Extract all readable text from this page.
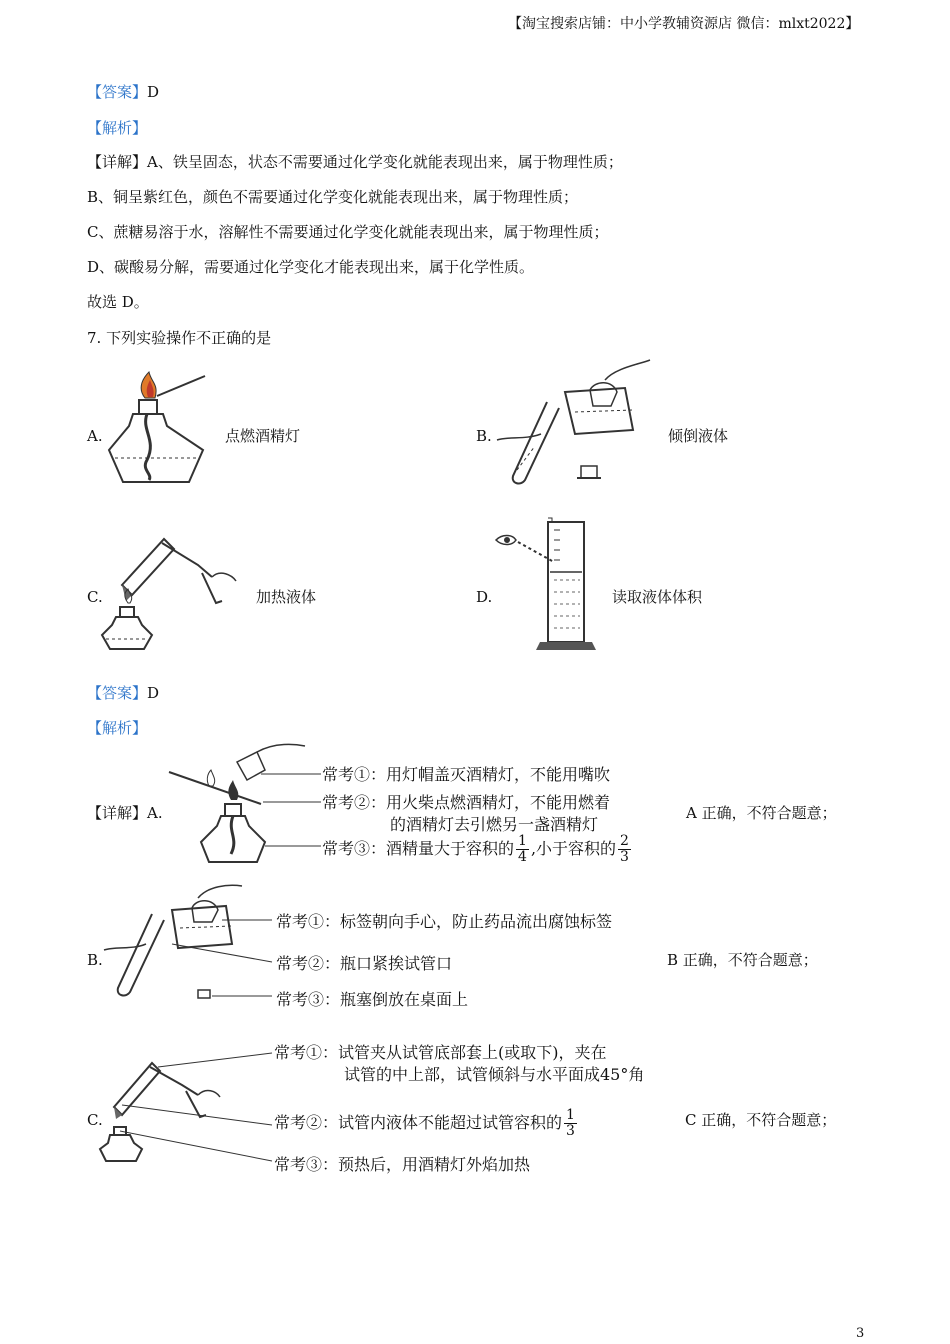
【淘宝搜索店铺：中小学教辅资源店 微信：mlxt2022】
【答案】D
【解析】
【详解】A、铁呈固态，状态不需要通过化学变化就能表现出来，属于物理性质；
B、铜呈紫红色，颜色不需要通过化学变化就能表现出来，属于物理性质；
C、蔗糖易溶于水，溶解性不需要通过化学变化就能表现出来，属于物理性质；
D、碳酸易分解，需要通过化学变化才能表现出来，属于化学性质。
故选 D。
7. 下列实验操作不正确的是
A.	点燃酒精灯	B.	倾倒液体
C.	加热液体	D.	读取液体体积
【答案】D
【解析】
【详解】A.
常考①：用灯帽盖灭酒精灯，不能用嘴吹
常考②：用火柴点燃酒精灯，不能用燃着
的酒精灯去引燃另一盏酒精灯
常考③：酒精量大于容积的 $\frac{1}{4}$ ,小于容积的 $\frac{2}{3}$
A 正确，不符合题意；
B.
常考①：标签朝向手心，防止药品流出腐蚀标签
常考②：瓶口紧挨试管口
常考③：瓶塞倒放在桌面上
B 正确，不符合题意；
C.
常考①：试管夹从试管底部套上(或取下)，夹在
试管的中上部，试管倾斜与水平面成45°角
常考②：试管内液体不能超过试管容积的 $\frac{1}{3}$
常考③：预热后，用酒精灯外焰加热
C 正确，不符合题意；
3
